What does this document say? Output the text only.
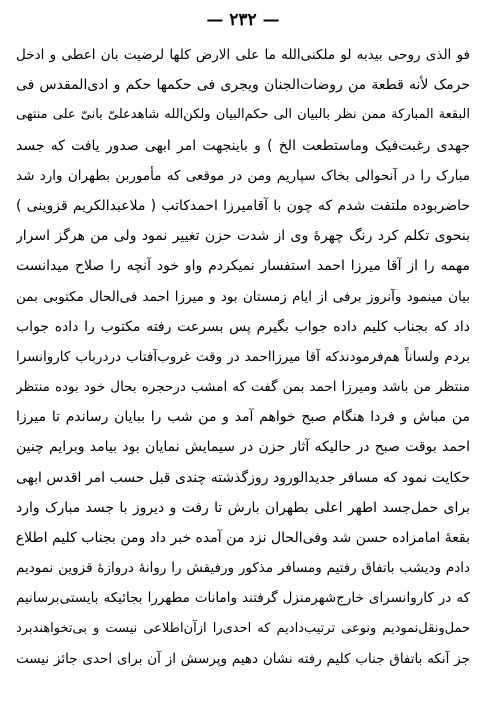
— ۲۳۲ —
فو الذی روحی بیدبه لو ملکنی‌الله ما علی الارض کلها لرضیت بان اعطی و ادخل
حرمک لأنه قطعة من روضات‌الجنان ویجری فی حکمها حکم و ادی‌المقدس فی
البقعة المبارکة ممن نظر بالبیان الی حکم‌البیان ولکن‌الله شاهدعلی‌ّ بانی‌ّ علی منتهی
جهدی رغبت‌فیک وماستطعت الخ ) و باینجهت امر ابهی صدور یافت که جسد
مبارک را در آنحوالی بخاک سپاریم ومن در موقعی که مأموربن بطهران وارد شد
حاضربوده ملتفت شدم که چون با آقامیرزا احمدکاتب ( ملاعبدالکریم قزوینی )
بنحوی تکلم کرد رنگ چهرهٔ وی از شدت حزن تغییر نمود ولی من هرگز اسرار
مهمه را از آقا میرزا احمد استفسار نمیکردم واو خود آنچه را صلاح میدانست
بیان مینمود وآنروز برفی از ایام زمستان بود و میرزا احمد فی‌الحال مکتوبی بمن
داد که بجناب کلیم داده جواب بگیرم پس بسرعت رفته مکتوب را داده جواب
بردم ولساناً هم‌فرمودندکه آقا میرزااحمد در وقت غروب‌آفتاب دردرباب کاروانسرا
منتظر من باشد ومیرزا احمد بمن گفت که امشب درحجره بحال خود بوده منتظر
من مباش و فردا هنگام صبح خواهم آمد و من شب را ببایان رساندم تا میرزا
احمد بوقت صبح در حالیکه آثار حزن در سیمایش نمایان بود بیامد وبرایم چنین
حکایت نمود که مسافر جدیدالورود روزگذشته چندی قبل حسب امر اقدس ابهی
برای حمل‌جسد اطهر اعلی بطهران بارش تا رفت و دیروز با جسد مبارک وارد
بقعهٔ امامزاده حسن شد وفی‌الحال نزد من آمده خبر داد ومن بجناب کلیم اطلاع
دادم ودیشب باتفاق رفتیم ومسافر مذکور ورفیقش را روانهٔ دروازهٔ قزوین نمودیم
که در کاروانسرای خارج‌شهرمنزل گرفتند وامانات مطهررا بجائیکه بایستی‌برسانیم
حمل‌ونقل‌نمودیم ونوعی ترتیب‌دادیم که احدی‌را ازآن‌اطلاعی نیست و بی‌تخواهندبرد
جز آنکه باتفاق جناب کلیم رفته نشان دهیم وپرسش از آن برای احدی جائز نیست
